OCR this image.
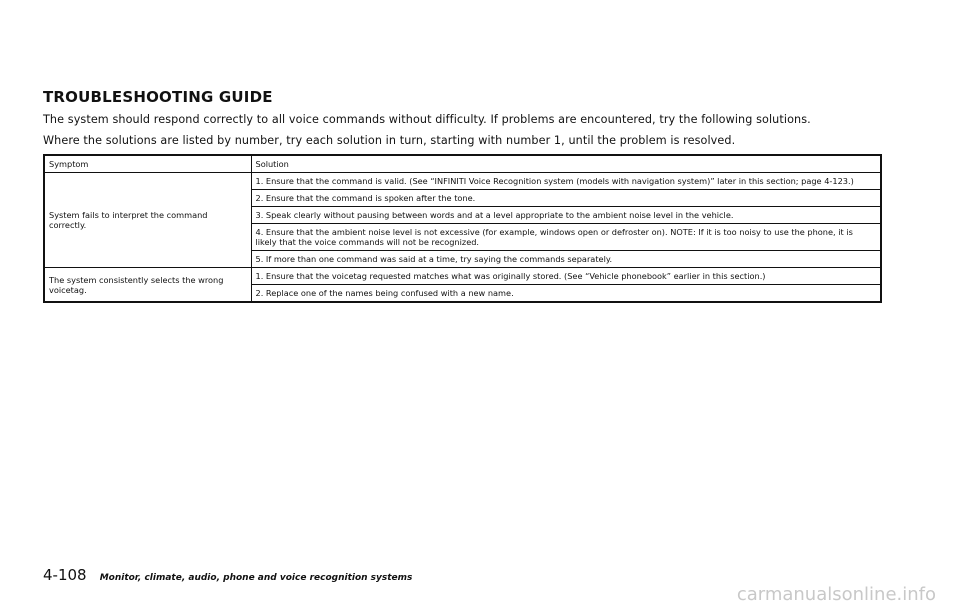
TROUBLESHOOTING GUIDE
The system should respond correctly to all voice commands without difficulty. If problems are encountered, try the following solutions.
Where the solutions are listed by number, try each solution in turn, starting with number 1, until the problem is resolved.
Symptom	Solution
System fails to interpret the command correctly.	1. Ensure that the command is valid. (See “INFINITI Voice Recognition system (models with navigation system)” later in this section; page 4-123.)
	2. Ensure that the command is spoken after the tone.
	3. Speak clearly without pausing between words and at a level appropriate to the ambient noise level in the vehicle.
	4. Ensure that the ambient noise level is not excessive (for example, windows open or defroster on). NOTE: If it is too noisy to use the phone, it is likely that the voice commands will not be recognized.
	5. If more than one command was said at a time, try saying the commands separately.
The system consistently selects the wrong voicetag.	1. Ensure that the voicetag requested matches what was originally stored. (See “Vehicle phonebook” earlier in this section.)
	2. Replace one of the names being confused with a new name.
4-108 Monitor, climate, audio, phone and voice recognition systems
carmanualsonline.info
